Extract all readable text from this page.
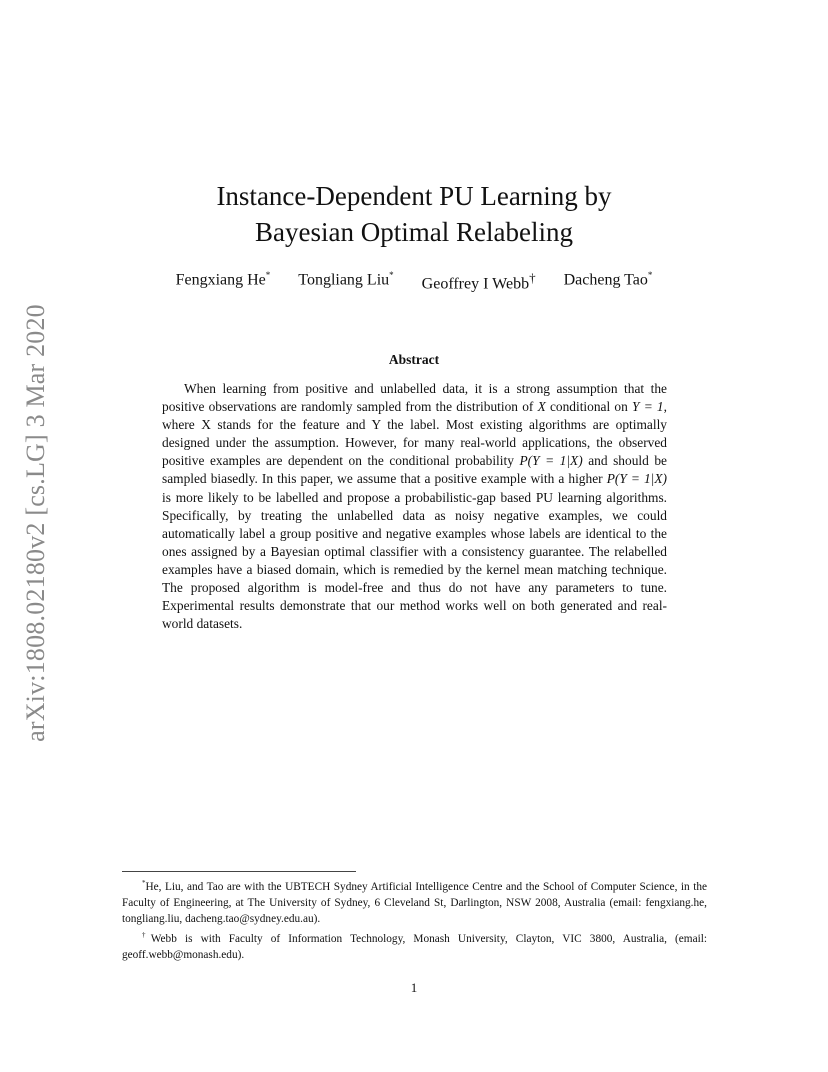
arXiv:1808.02180v2 [cs.LG] 3 Mar 2020
Instance-Dependent PU Learning by
Bayesian Optimal Relabeling
Fengxiang He* Tongliang Liu*
Geoffrey I Webb† Dacheng Tao*
Abstract

When learning from positive and unlabelled data, it is a strong assumption that the positive observations are randomly sampled from the distribution of X conditional on Y = 1, where X stands for the feature and Y the label. Most existing algorithms are optimally designed under the assumption. However, for many real-world applications, the observed positive examples are dependent on the conditional probability P(Y = 1|X) and should be sampled biasedly. In this paper, we assume that a positive example with a higher P(Y = 1|X) is more likely to be labelled and propose a probabilistic-gap based PU learning algorithms. Specifically, by treating the unlabelled data as noisy negative examples, we could automatically label a group positive and negative examples whose labels are identical to the ones assigned by a Bayesian optimal classifier with a consistency guarantee. The relabelled examples have a biased domain, which is remedied by the kernel mean matching technique. The proposed algorithm is model-free and thus do not have any parameters to tune. Experimental results demonstrate that our method works well on both generated and real-world datasets.

*He, Liu, and Tao are with the UBTECH Sydney Artificial Intelligence Centre and the School of Computer Science, in the Faculty of Engineering, at The University of Sydney, 6 Cleveland St, Darlington, NSW 2008, Australia (email: fengxiang.he, tongliang.liu, dacheng.tao@sydney.edu.au).

†Webb is with Faculty of Information Technology, Monash University, Clayton, VIC 3800, Australia, (email: geoff.webb@monash.edu).

1
